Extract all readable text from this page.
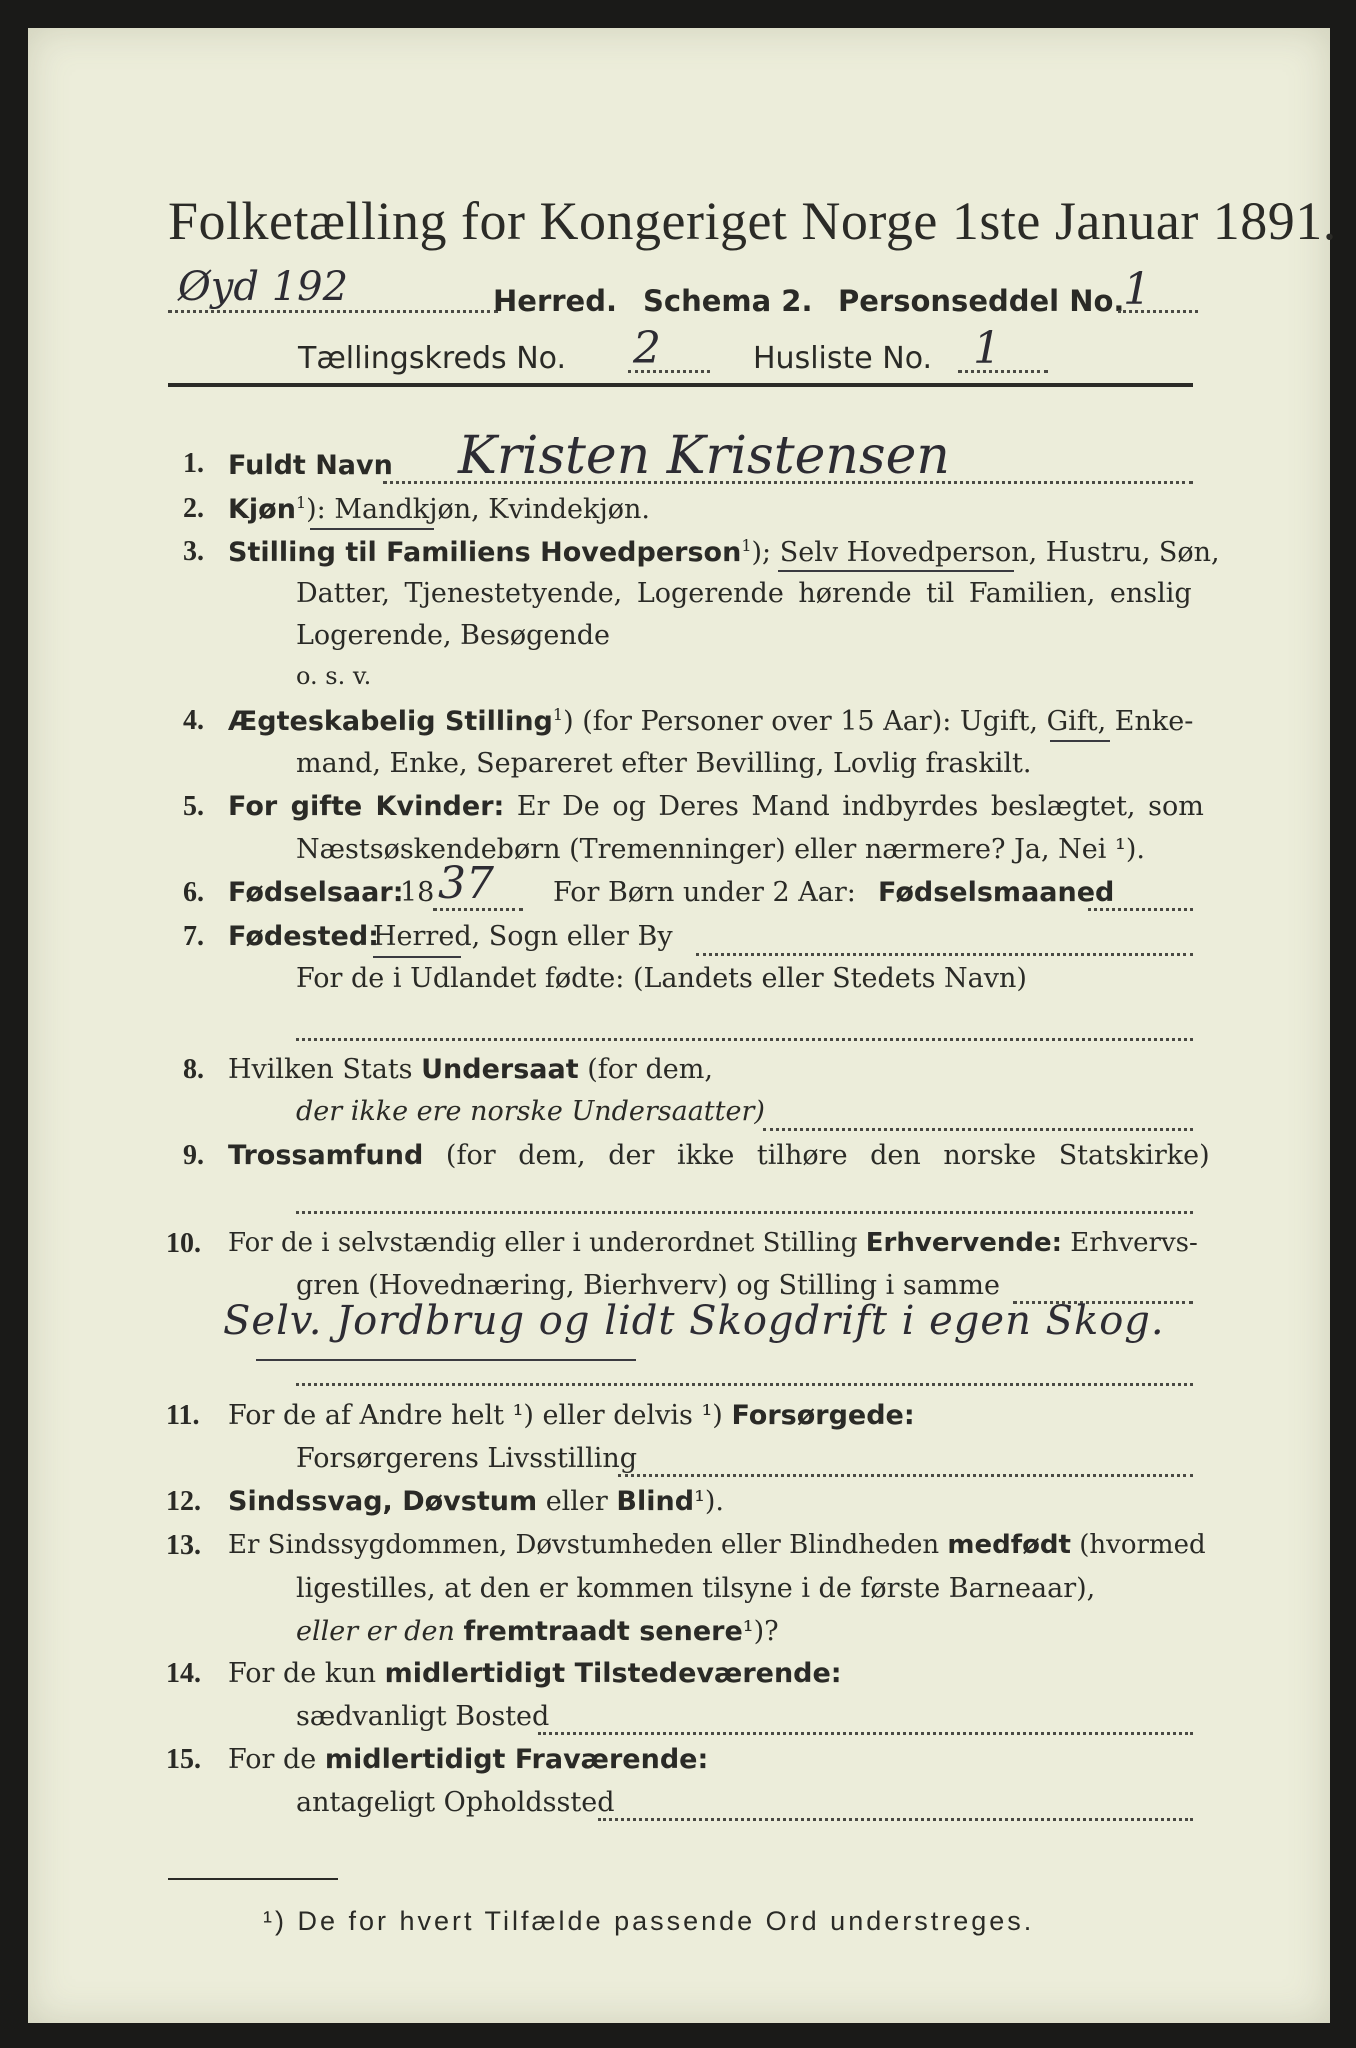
Folketælling for Kongeriget Norge 1ste Januar 1891.
Øyd 192	Herred. Schema 2. Personseddel No.
1
Tællingskreds No. 2	Husliste No. 1
1. Fuldt Navn Kristen Kristensen
2. Kjøn$^1$): Mandkjøn, Kvindekjøn.
3. Stilling til Familiens Hovedperson$^1$); Selv Hovedperson, Hustru, Søn,
Datter, Tjenestetyende, Logerende hørende til Familien, enslig
Logerende, Besøgende
o. s. v.
4. Ægteskabelig Stilling$^1$) (for Personer over 15 Aar): Ugift, Gift, Enke-
mand, Enke, Separeret efter Bevilling, Lovlig fraskilt.
5. For gifte Kvinder: Er De og Deres Mand indbyrdes beslægtet, som
Næstsøskendebørn (Tremenninger) eller nærmere? Ja, Nei ¹).
6. Fødselsaar:
18 37 For Børn under 2 Aar: Fødselsmaaned
7. Fødested:
Herred, Sogn eller By
For de i Udlandet fødte: (Landets eller Stedets Navn)
8. Hvilken Stats Undersaat (for dem,
der ikke ere norske Undersaatter)
9. Trossamfund (for dem, der ikke tilhøre den norske Statskirke)
10. For de i selvstændig eller i underordnet Stilling Erhvervende: Erhvervs-
gren (Hovednæring, Bierhverv) og Stilling i samme
Selv. Jordbrug og lidt Skogdrift i egen Skog.
11. For de af Andre helt ¹) eller delvis ¹) Forsørgede:
Forsørgerens Livsstilling
12. Sindssvag, Døvstum eller Blind¹).
13. Er Sindssygdommen, Døvstumheden eller Blindheden medfødt (hvormed
ligestilles, at den er kommen tilsyne i de første Barneaar),
eller er den fremtraadt senere¹)?
14. For de kun midlertidigt Tilstedeværende:
sædvanligt Bosted
15. For de midlertidigt Fraværende:
antageligt Opholdssted
¹) De for hvert Tilfælde passende Ord understreges.
